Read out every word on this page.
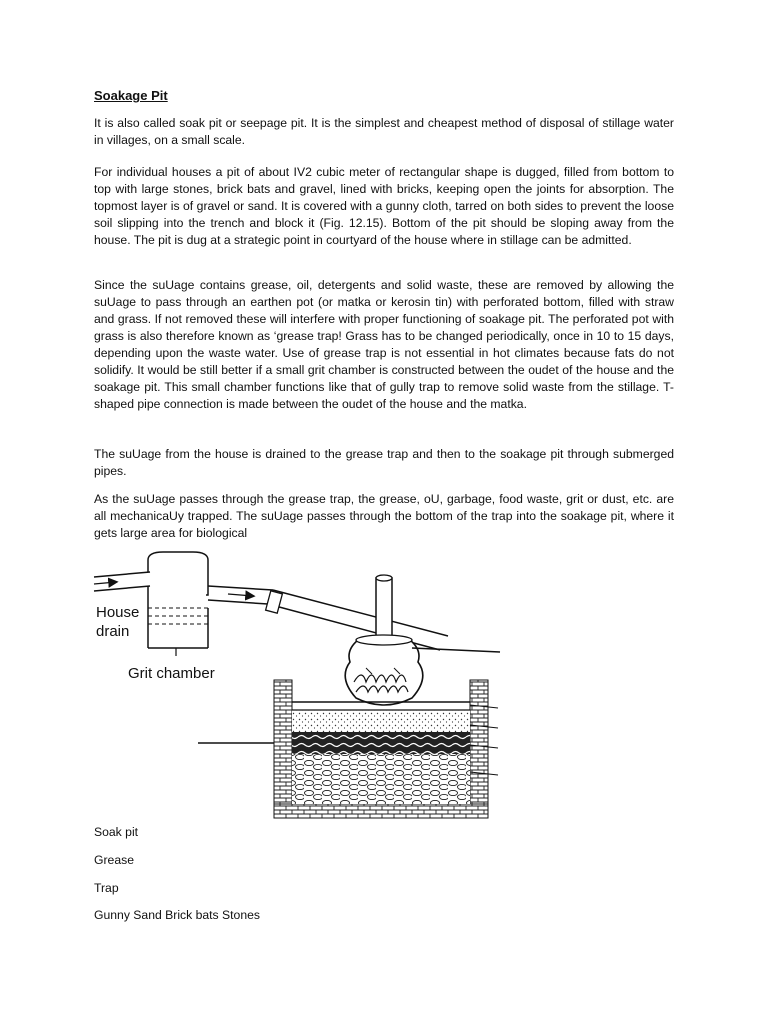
Soakage Pit

It is also called soak pit or seepage pit. It is the simplest and cheapest method of disposal of stillage water in villages, on a small scale.

For individual houses a pit of about IV2 cubic meter of rectangular shape is dugged, filled from bottom to top with large stones, brick bats and gravel, lined with bricks, keeping open the joints for absorption. The topmost layer is of gravel or sand. It is covered with a gunny cloth, tarred on both sides to prevent the loose soil slipping into the trench and block it (Fig. 12.15). Bottom of the pit should be sloping away from the house. The pit is dug at a strategic point in courtyard of the house where in stillage can be admitted.

Since the suUage contains grease, oil, detergents and solid waste, these are removed by allowing the suUage to pass through an earthen pot (or matka or kerosin tin) with perforated bottom, filled with straw and grass. If not removed these will interfere with proper functioning of soakage pit. The perforated pot with grass is also therefore known as ‘grease trap! Grass has to be changed periodically, once in 10 to 15 days, depending upon the waste water. Use of grease trap is not essential in hot climates because fats do not solidify. It would be still better if a small grit chamber is constructed between the oudet of the house and the soakage pit. This small chamber functions like that of gully trap to remove solid waste from the stillage. T-shaped pipe connection is made between the oudet of the house and the matka.

The suUage from the house is drained to the grease trap and then to the soakage pit through submerged pipes.

As the suUage passes through the grease trap, the grease, oU, garbage, food waste, grit or dust, etc. are all mechanicaUy trapped. The suUage passes through the bottom of the trap into the soakage pit, where it gets large area for biological

House
drain
Grit chamber

Soak pit

Grease

Trap

Gunny Sand Brick bats Stones
